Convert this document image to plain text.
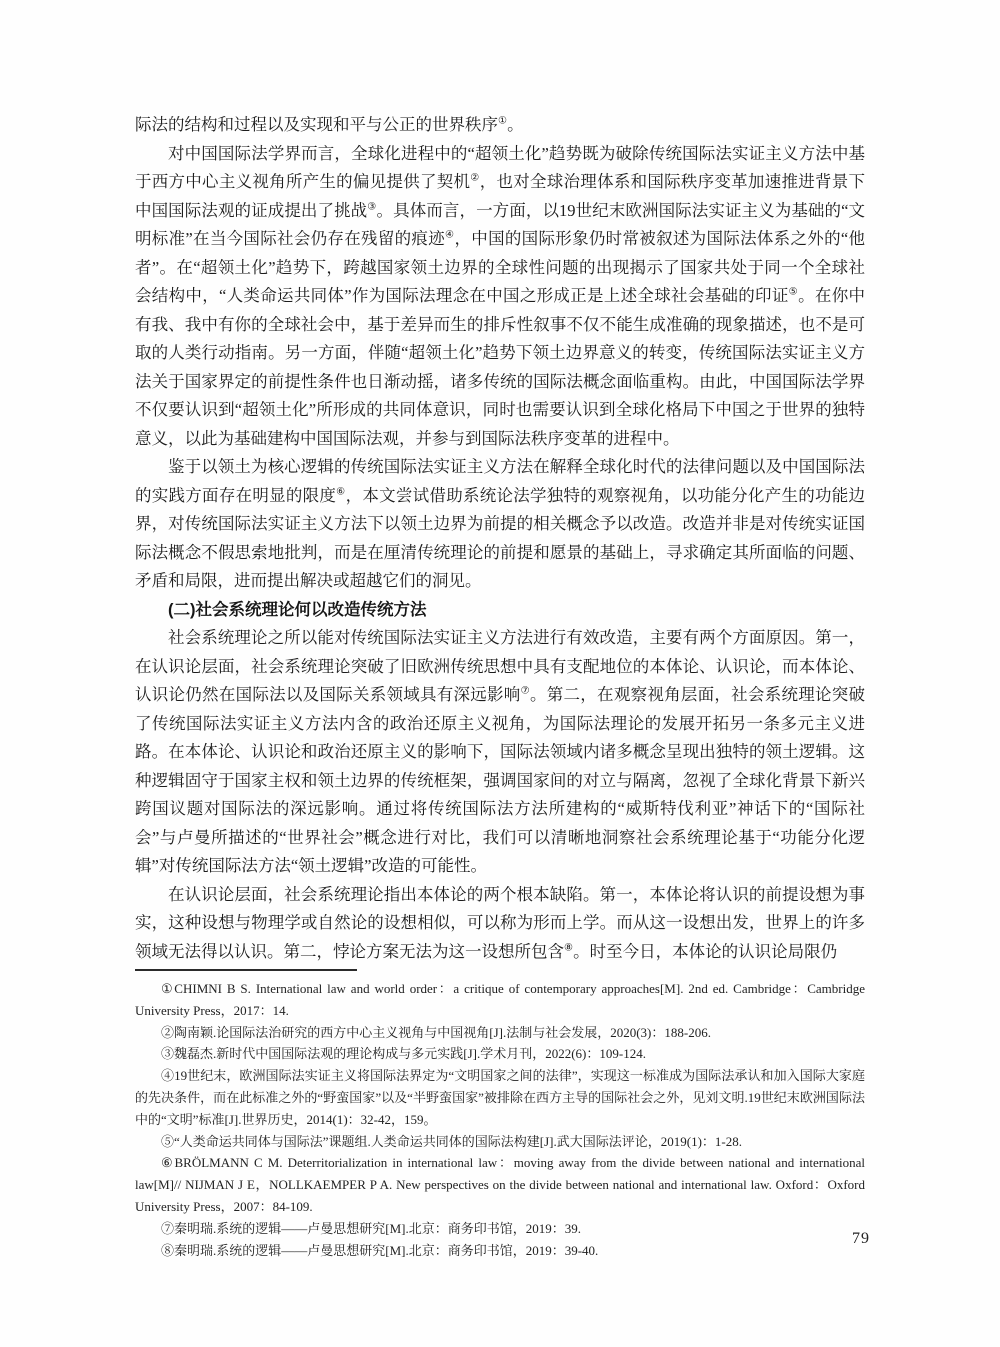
际法的结构和过程以及实现和平与公正的世界秩序①。

对中国国际法学界而言，全球化进程中的“超领土化”趋势既为破除传统国际法实证主义方法中基于西方中心主义视角所产生的偏见提供了契机②，也对全球治理体系和国际秩序变革加速推进背景下中国国际法观的证成提出了挑战③。具体而言，一方面，以19世纪末欧洲国际法实证主义为基础的“文明标准”在当今国际社会仍存在残留的痕迹④，中国的国际形象仍时常被叙述为国际法体系之外的“他者”。在“超领土化”趋势下，跨越国家领土边界的全球性问题的出现揭示了国家共处于同一个全球社会结构中，“人类命运共同体”作为国际法理念在中国之形成正是上述全球社会基础的印证⑤。在你中有我、我中有你的全球社会中，基于差异而生的排斥性叙事不仅不能生成准确的现象描述，也不是可取的人类行动指南。另一方面，伴随“超领土化”趋势下领土边界意义的转变，传统国际法实证主义方法关于国家界定的前提性条件也日渐动摇，诸多传统的国际法概念面临重构。由此，中国国际法学界不仅要认识到“超领土化”所形成的共同体意识，同时也需要认识到全球化格局下中国之于世界的独特意义，以此为基础建构中国国际法观，并参与到国际法秩序变革的进程中。

鉴于以领土为核心逻辑的传统国际法实证主义方法在解释全球化时代的法律问题以及中国国际法的实践方面存在明显的限度⑥，本文尝试借助系统论法学独特的观察视角，以功能分化产生的功能边界，对传统国际法实证主义方法下以领土边界为前提的相关概念予以改造。改造并非是对传统实证国际法概念不假思索地批判，而是在厘清传统理论的前提和愿景的基础上，寻求确定其所面临的问题、矛盾和局限，进而提出解决或超越它们的洞见。

(二)社会系统理论何以改造传统方法

社会系统理论之所以能对传统国际法实证主义方法进行有效改造，主要有两个方面原因。第一，在认识论层面，社会系统理论突破了旧欧洲传统思想中具有支配地位的本体论、认识论，而本体论、认识论仍然在国际法以及国际关系领域具有深远影响⑦。第二，在观察视角层面，社会系统理论突破了传统国际法实证主义方法内含的政治还原主义视角，为国际法理论的发展开拓另一条多元主义进路。在本体论、认识论和政治还原主义的影响下，国际法领域内诸多概念呈现出独特的领土逻辑。这种逻辑固守于国家主权和领土边界的传统框架，强调国家间的对立与隔离，忽视了全球化背景下新兴跨国议题对国际法的深远影响。通过将传统国际法方法所建构的“威斯特伐利亚”神话下的“国际社会”与卢曼所描述的“世界社会”概念进行对比，我们可以清晰地洞察社会系统理论基于“功能分化逻辑”对传统国际法方法“领土逻辑”改造的可能性。

在认识论层面，社会系统理论指出本体论的两个根本缺陷。第一，本体论将认识的前提设想为事实，这种设想与物理学或自然论的设想相似，可以称为形而上学。而从这一设想出发，世界上的许多领域无法得以认识。第二，悖论方案无法为这一设想所包含⑧。时至今日，本体论的认识论局限仍

①CHIMNI B S. International law and world order：a critique of contemporary approaches[M]. 2nd ed. Cambridge：Cambridge University Press，2017：14.

②陶南颖.论国际法治研究的西方中心主义视角与中国视角[J].法制与社会发展，2020(3)：188-206.

③魏磊杰.新时代中国国际法观的理论构成与多元实践[J].学术月刊，2022(6)：109-124.

④19世纪末，欧洲国际法实证主义将国际法界定为“文明国家之间的法律”，实现这一标准成为国际法承认和加入国际大家庭的先决条件，而在此标准之外的“野蛮国家”以及“半野蛮国家”被排除在西方主导的国际社会之外，见刘文明.19世纪末欧洲国际法中的“文明”标准[J].世界历史，2014(1)：32-42，159。

⑤“人类命运共同体与国际法”课题组.人类命运共同体的国际法构建[J].武大国际法评论，2019(1)：1-28.

⑥BRÖLMANN C M. Deterritorialization in international law：moving away from the divide between national and international law[M]// NIJMAN J E，NOLLKAEMPER P A. New perspectives on the divide between national and international law. Oxford：Oxford University Press，2007：84-109.

⑦秦明瑞.系统的逻辑——卢曼思想研究[M].北京：商务印书馆，2019：39.

⑧秦明瑞.系统的逻辑——卢曼思想研究[M].北京：商务印书馆，2019：39-40.

79
